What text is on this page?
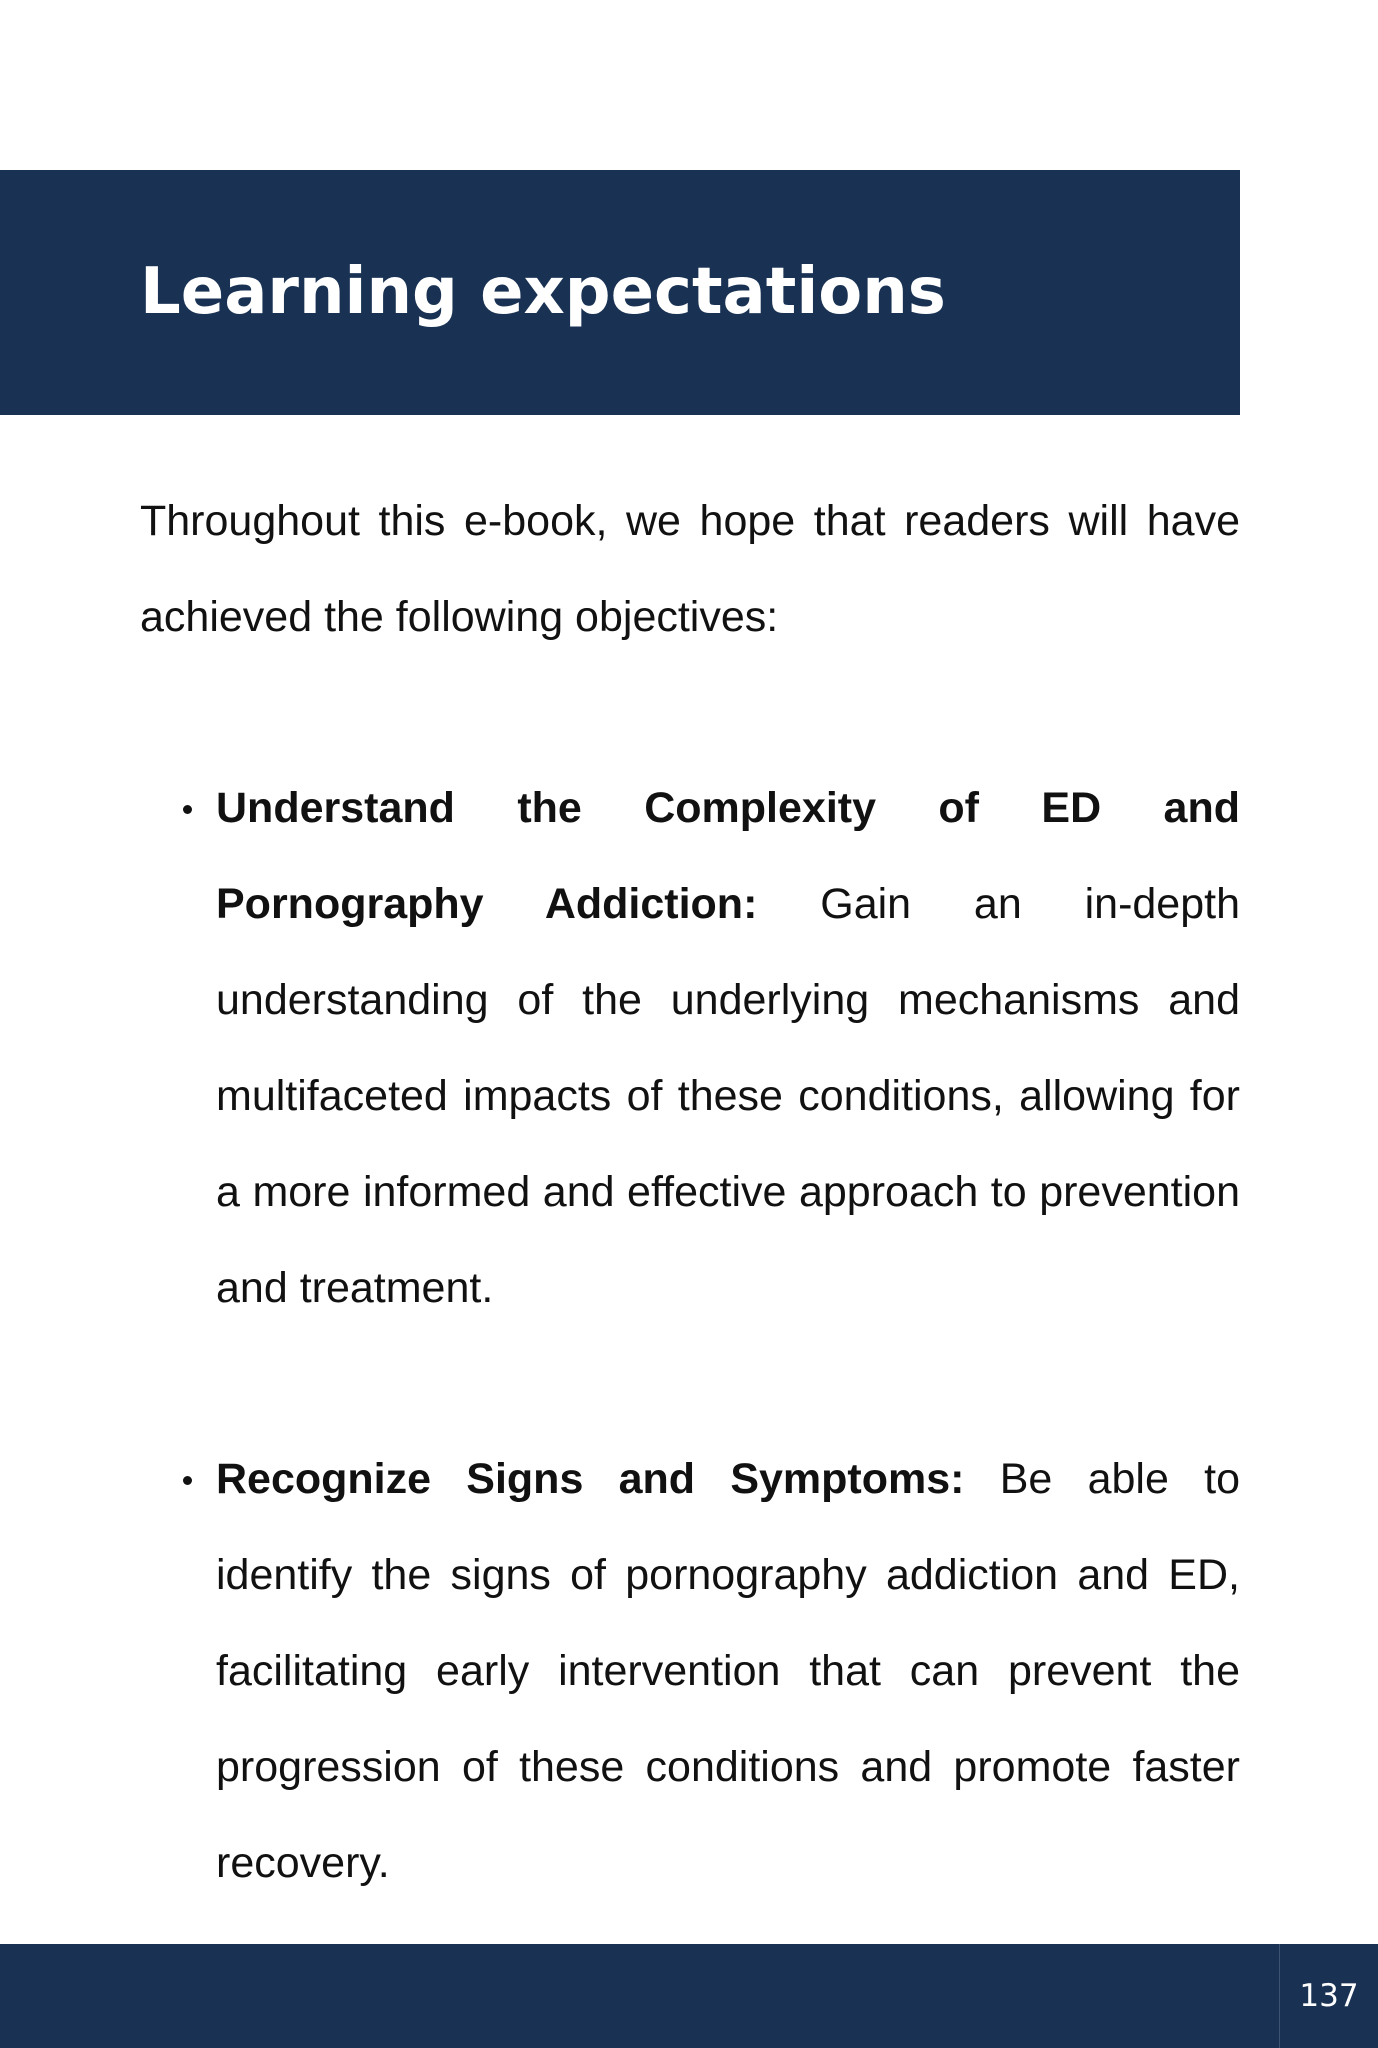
Learning expectations

Throughout this e-book, we hope that readers will have achieved the following objectives:

Understand the Complexity of ED and Pornography Addiction: Gain an in-depth understanding of the underlying mechanisms and multifaceted impacts of these conditions, allowing for a more informed and effective approach to prevention and treatment.

Recognize Signs and Symptoms: Be able to identify the signs of pornography addiction and ED, facilitating early intervention that can prevent the progression of these conditions and promote faster recovery.

137
